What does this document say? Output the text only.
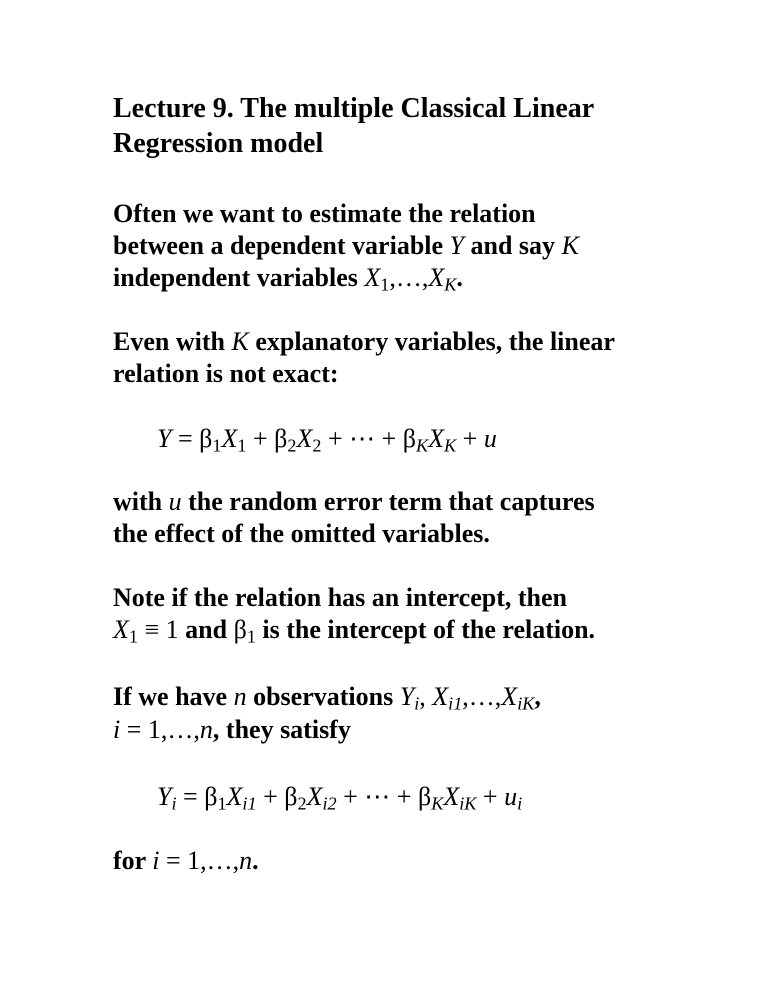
Lecture 9. The multiple Classical Linear
Regression model
Often we want to estimate the relation
between a dependent variable Y and say K
independent variables $X_1,\dots,X_K$.
Even with K explanatory variables, the linear
relation is not exact:
$Y = \beta_1X_1 + \beta_2X_2$ + ⋯ + $\beta_KX_K + u$
with u the random error term that captures
the effect of the omitted variables.
Note if the relation has an intercept, then
$X_1 \equiv 1$ and $\beta_1$ is the intercept of the relation.
If we have n observations $Y_i$, $X_{i1},\dots,X_{iK}$,
i = 1,…,n, they satisfy
$Y_i = \beta_1X_{i1} + \beta_2X_{i2}$ + ⋯ + $\beta_KX_{iK} + u_i$
for i = 1,…,n.
